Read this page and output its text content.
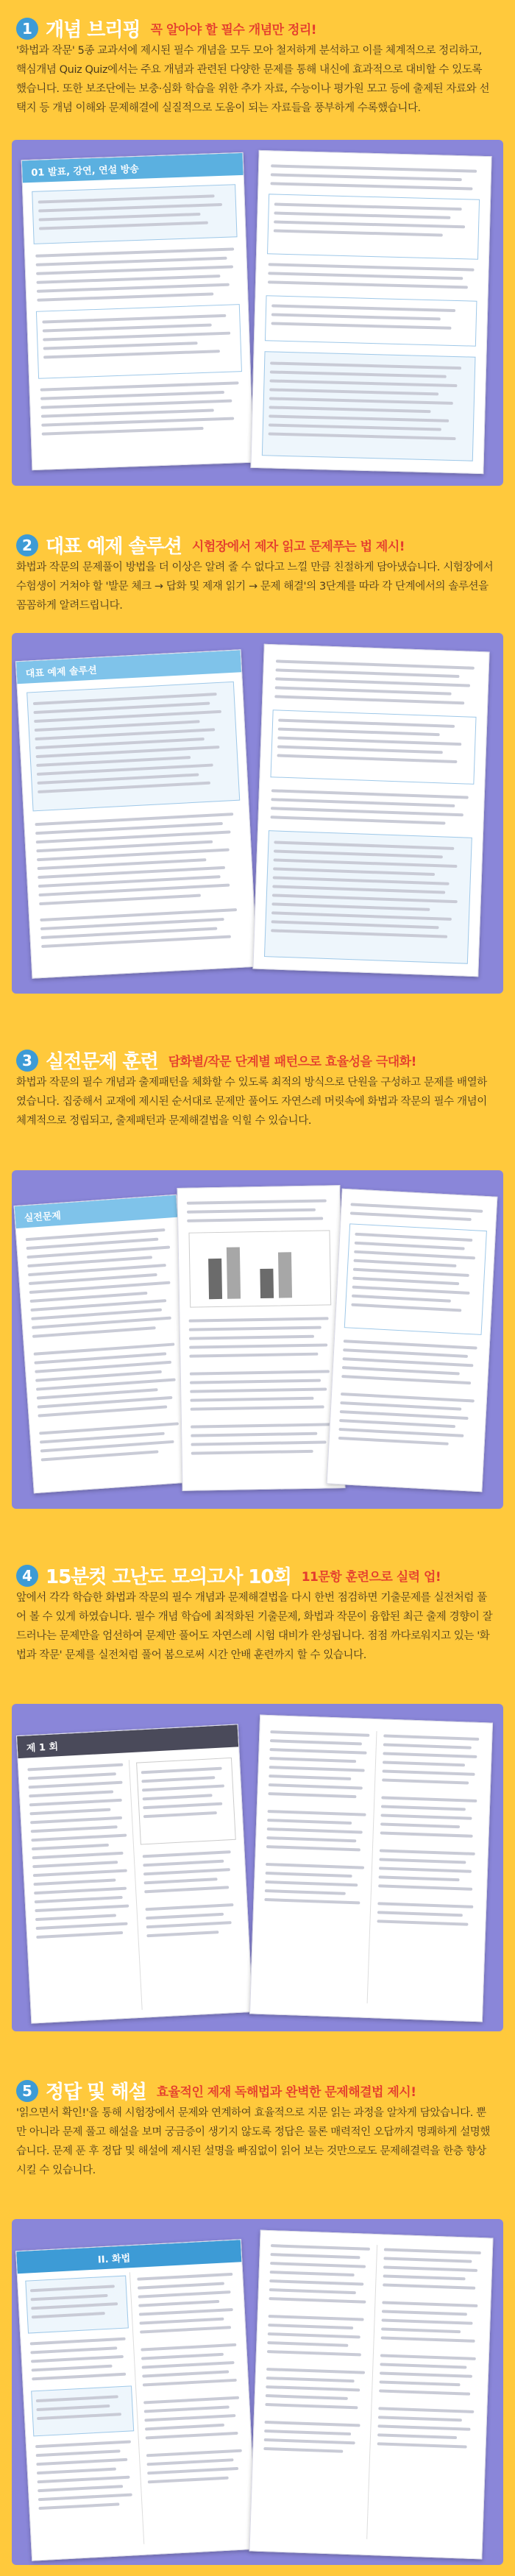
1 개념 브리핑 꼭 알아야 할 필수 개념만 정리!
'화법과 작문' 5종 교과서에 제시된 필수 개념을 모두 모아 철저하게 분석하고 이를 체계적으로 정리하고, 핵심개념 Quiz Quiz에서는 주요 개념과 관련된 다양한 문제를 통해 내신에 효과적으로 대비할 수 있도록 했습니다. 또한 보조단에는 보충·심화 학습을 위한 추가 자료, 수능이나 평가원 모고 등에 출제된 자료와 선택지 등 개념 이해와 문제해결에 실질적으로 도움이 되는 자료들을 풍부하게 수록했습니다.
01 발표, 강연, 연설 방송
2 대표 예제 솔루션 시험장에서 제자 읽고 문제푸는 법 제시!
화법과 작문의 문제풀이 방법을 더 이상은 알려 줄 수 없다고 느낄 만큼 친절하게 담아냈습니다. 시험장에서 수험생이 거쳐야 할 '발문 체크 → 답화 및 제재 읽기 → 문제 해결'의 3단계를 따라 각 단계에서의 솔루션을 꼼꼼하게 알려드립니다.
대표 예제 솔루션
3 실전문제 훈련 담화별/작문 단계별 패턴으로 효율성을 극대화!
화법과 작문의 필수 개념과 출제패턴을 체화할 수 있도록 최적의 방식으로 단원을 구성하고 문제를 배열하였습니다. 집중해서 교재에 제시된 순서대로 문제만 풀어도 자연스레 머릿속에 화법과 작문의 필수 개념이 체계적으로 정립되고, 출제패턴과 문제해결법을 익힐 수 있습니다.
실전문제
4 15분컷 고난도 모의고사 10회 11문항 훈련으로 실력 업!
앞에서 각각 학습한 화법과 작문의 필수 개념과 문제해결법을 다시 한번 점검하면 기출문제를 실전처럼 풀어 볼 수 있게 하였습니다. 필수 개념 학습에 최적화된 기출문제, 화법과 작문이 융합된 최근 출제 경향이 잘 드러나는 문제만을 엄선하여 문제만 풀어도 자연스레 시험 대비가 완성됩니다. 점점 까다로워지고 있는 '화법과 작문' 문제를 실전처럼 풀어 봄으로써 시간 안배 훈련까지 할 수 있습니다.
제 1 회
5 정답 및 해설 효율적인 제재 독해법과 완벽한 문제해결법 제시!
'읽으면서 확인!'을 통해 시험장에서 문제와 연계하여 효율적으로 지문 읽는 과정을 알차게 담았습니다. 뿐만 아니라 문제 풀고 해설을 보며 궁금증이 생기지 않도록 정답은 물론 매력적인 오답까지 명쾌하게 설명했습니다. 문제 푼 후 정답 및 해설에 제시된 설명을 빠짐없이 읽어 보는 것만으로도 문제해결력을 한층 향상시킬 수 있습니다.
II. 화법
